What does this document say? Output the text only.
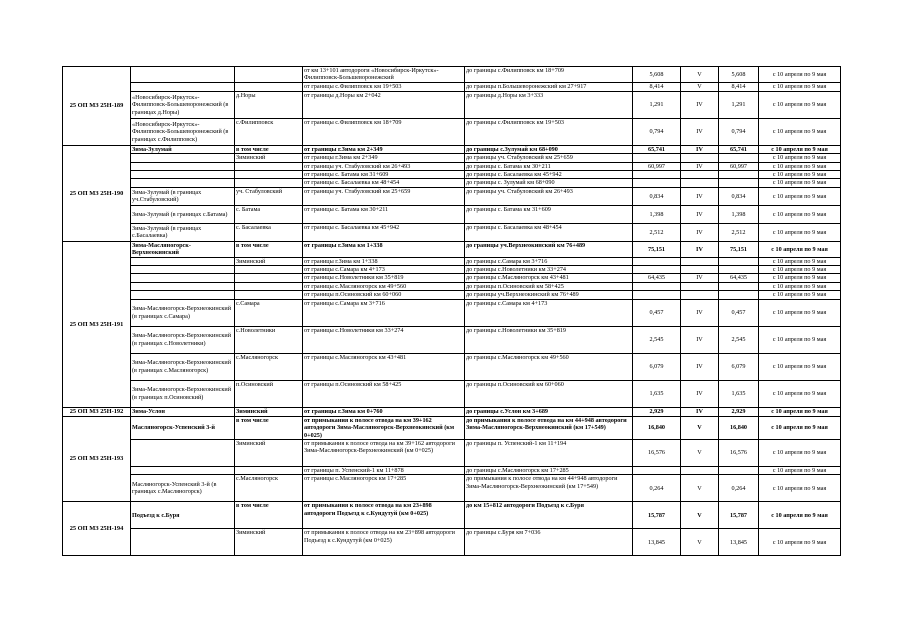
25 ОП МЗ 25Н-189			от км 13+101 автодороги «Новосибирск-Иркутск»-Филипповск-Большеворонежский	до границы с.Филипповск км 18+709	5,608	V	5,608	с 10 апреля по 9 мая
			от границы с.Филипповск км 19+503	до границы п.Большеворонежский км 27+917	8,414	V	8,414	с 10 апреля по 9 мая
	«Новосибирск-Иркутск»-Филипповск-Большеворонежский (в границах д.Норы)	д.Норы	от границы д.Норы км 2+042	до границы д.Норы км 3+333	1,291	IV	1,291	с 10 апреля по 9 мая
	«Новосибирск-Иркутск»-Филипповск-Большеворонежский (в границах с.Филипповск)	с.Филипповск	от границы с.Филипповск км 18+709	до границы с.Филипповск км 19+503	0,794	IV	0,794	с 10 апреля по 9 мая
25 ОП МЗ 25Н-190	Зима-Зулумай	в том числе	от границы г.Зима км 2+349	до границы с.Зулумай км 68+090	65,741	IV	65,741	с 10 апреля по 9 мая
		Зиминский	от границы г.Зима км 2+349	до границы уч. Стабуловский км 25+659				с 10 апреля по 9 мая
			от границы уч. Стабуловский км 26+493	до границы с. Батама км 30+211	60,997	IV	60,997	с 10 апреля по 9 мая
			от границы с. Батама км 31+609	до границы с. Басалаевка км 45+942				с 10 апреля по 9 мая
			от границы с. Басалаевка км 48+454	до границы с. Зулумай км 68+090				с 10 апреля по 9 мая
	Зима-Зулумай (в границах уч.Стабуловский)	уч. Стабуловский	от границы уч. Стабуловский км 25+659	до границы уч. Стабуловский км 26+493	0,834	IV	0,834	с 10 апреля по 9 мая
	Зима-Зулумай (в границах с.Батама)	с. Батама	от границы с. Батама км 30+211	до границы с. Батама км 31+609	1,398	IV	1,398	с 10 апреля по 9 мая
	Зима-Зулумай (в границах с.Басалаевка)	с. Басалаевка	от границы с. Басалаевка км 45+942	до границы с. Басалаевка км 48+454	2,512	IV	2,512	с 10 апреля по 9 мая
25 ОП МЗ 25Н-191	Зима-Масляногорск-Верхнеокинский	в том числе	от границы г.Зима км 1+338	до границы уч.Верхнеокинский км 76+489	75,151	IV	75,151	с 10 апреля по 9 мая
		Зиминский	от границы г.Зима км 1+338	до границы с.Самара км 3+716				с 10 апреля по 9 мая
			от границы с.Самара км 4+173	до границы с.Новолетники км 33+274				с 10 апреля по 9 мая
			от границы с.Новолетники км 35+819	до границы с.Масляногорск км 43+481	64,435	IV	64,435	с 10 апреля по 9 мая
			от границы с.Масляногорск км 49+560	до границы п.Осиновский км 58+425				с 10 апреля по 9 мая
			от границы п.Осиновский км 60+060	до границы уч.Верхнеокинский км 76+489				с 10 апреля по 9 мая
	Зима-Масляногорск-Верхнеокинский (в границах с.Самара)	с.Самара	от границы с.Самара км 3+716	до границы с.Самара км 4+173	0,457	IV	0,457	с 10 апреля по 9 мая
	Зима-Масляногорск-Верхнеокинский (в границах с.Новолетники)	с.Новолетники	от границы с.Новолетники км 33+274	до границы с.Новолетники км 35+819	2,545	IV	2,545	с 10 апреля по 9 мая
	Зима-Масляногорск-Верхнеокинский (в границах с.Масляногорск)	с.Масляногорск	от границы с.Масляногорск км 43+481	до границы с.Масляногорск км 49+560	6,079	IV	6,079	с 10 апреля по 9 мая
	Зима-Масляногорск-Верхнеокинский (в границах п.Осиновский)	п.Осиновский	от границы п.Осиновский км 58+425	до границы п.Осиновский км 60+060	1,635	IV	1,635	с 10 апреля по 9 мая
25 ОП МЗ 25Н-192	Зима-Услон	Зиминский	от границы г.Зима км 0+760	до границы с.Услон км 3+689	2,929	IV	2,929	с 10 апреля по 9 мая
25 ОП МЗ 25Н-193	Масляногорск-Успенский 3-й	в том числе	от примыкания к полосе отвода на км 39+162 автодороги Зима-Масляногорск-Верхнеокинский (км 0+025)	до примыкания к полосе отвода на км 44+948 автодороги Зима-Масляногорск-Верхнеокинский (км 17+549)	16,840	V	16,840	с 10 апреля по 9 мая
		Зиминский	от примыкания к полосе отвода на км 39+162 автодороги Зима-Масляногорск-Верхнеокинский (км 0+025)	до границы п. Успенский-1 км 11+194	16,576	V	16,576	с 10 апреля по 9 мая
			от границы п. Успенский-1 км 11+878	до границы с.Масляногорск км 17+285				с 10 апреля по 9 мая
	Масляногорск-Успенский 3-й (в границах с.Масляногорск)	с.Масляногорск	от границы с.Масляногорск км 17+285	до примыкания к полосе отвода на км 44+948 автодороги Зима-Масляногорск-Верхнеокинский (км 17+549)	0,264	V	0,264	с 10 апреля по 9 мая
25 ОП МЗ 25Н-194	Подъезд к с.Буря	в том числе	от примыкания к полосе отвода на км 23+898 автодороги Подъезд к с.Кундутуй (км 0+025)	до км 15+812 автодороги Подъезд к с.Буря	15,787	V	15,787	с 10 апреля по 9 мая
		Зиминский	от примыкания к полосе отвода на км 23+898 автодороги Подъезд к с.Кундутуй (км 0+025)	до границы с.Буря км 7+036	13,845	V	13,845	с 10 апреля по 9 мая
